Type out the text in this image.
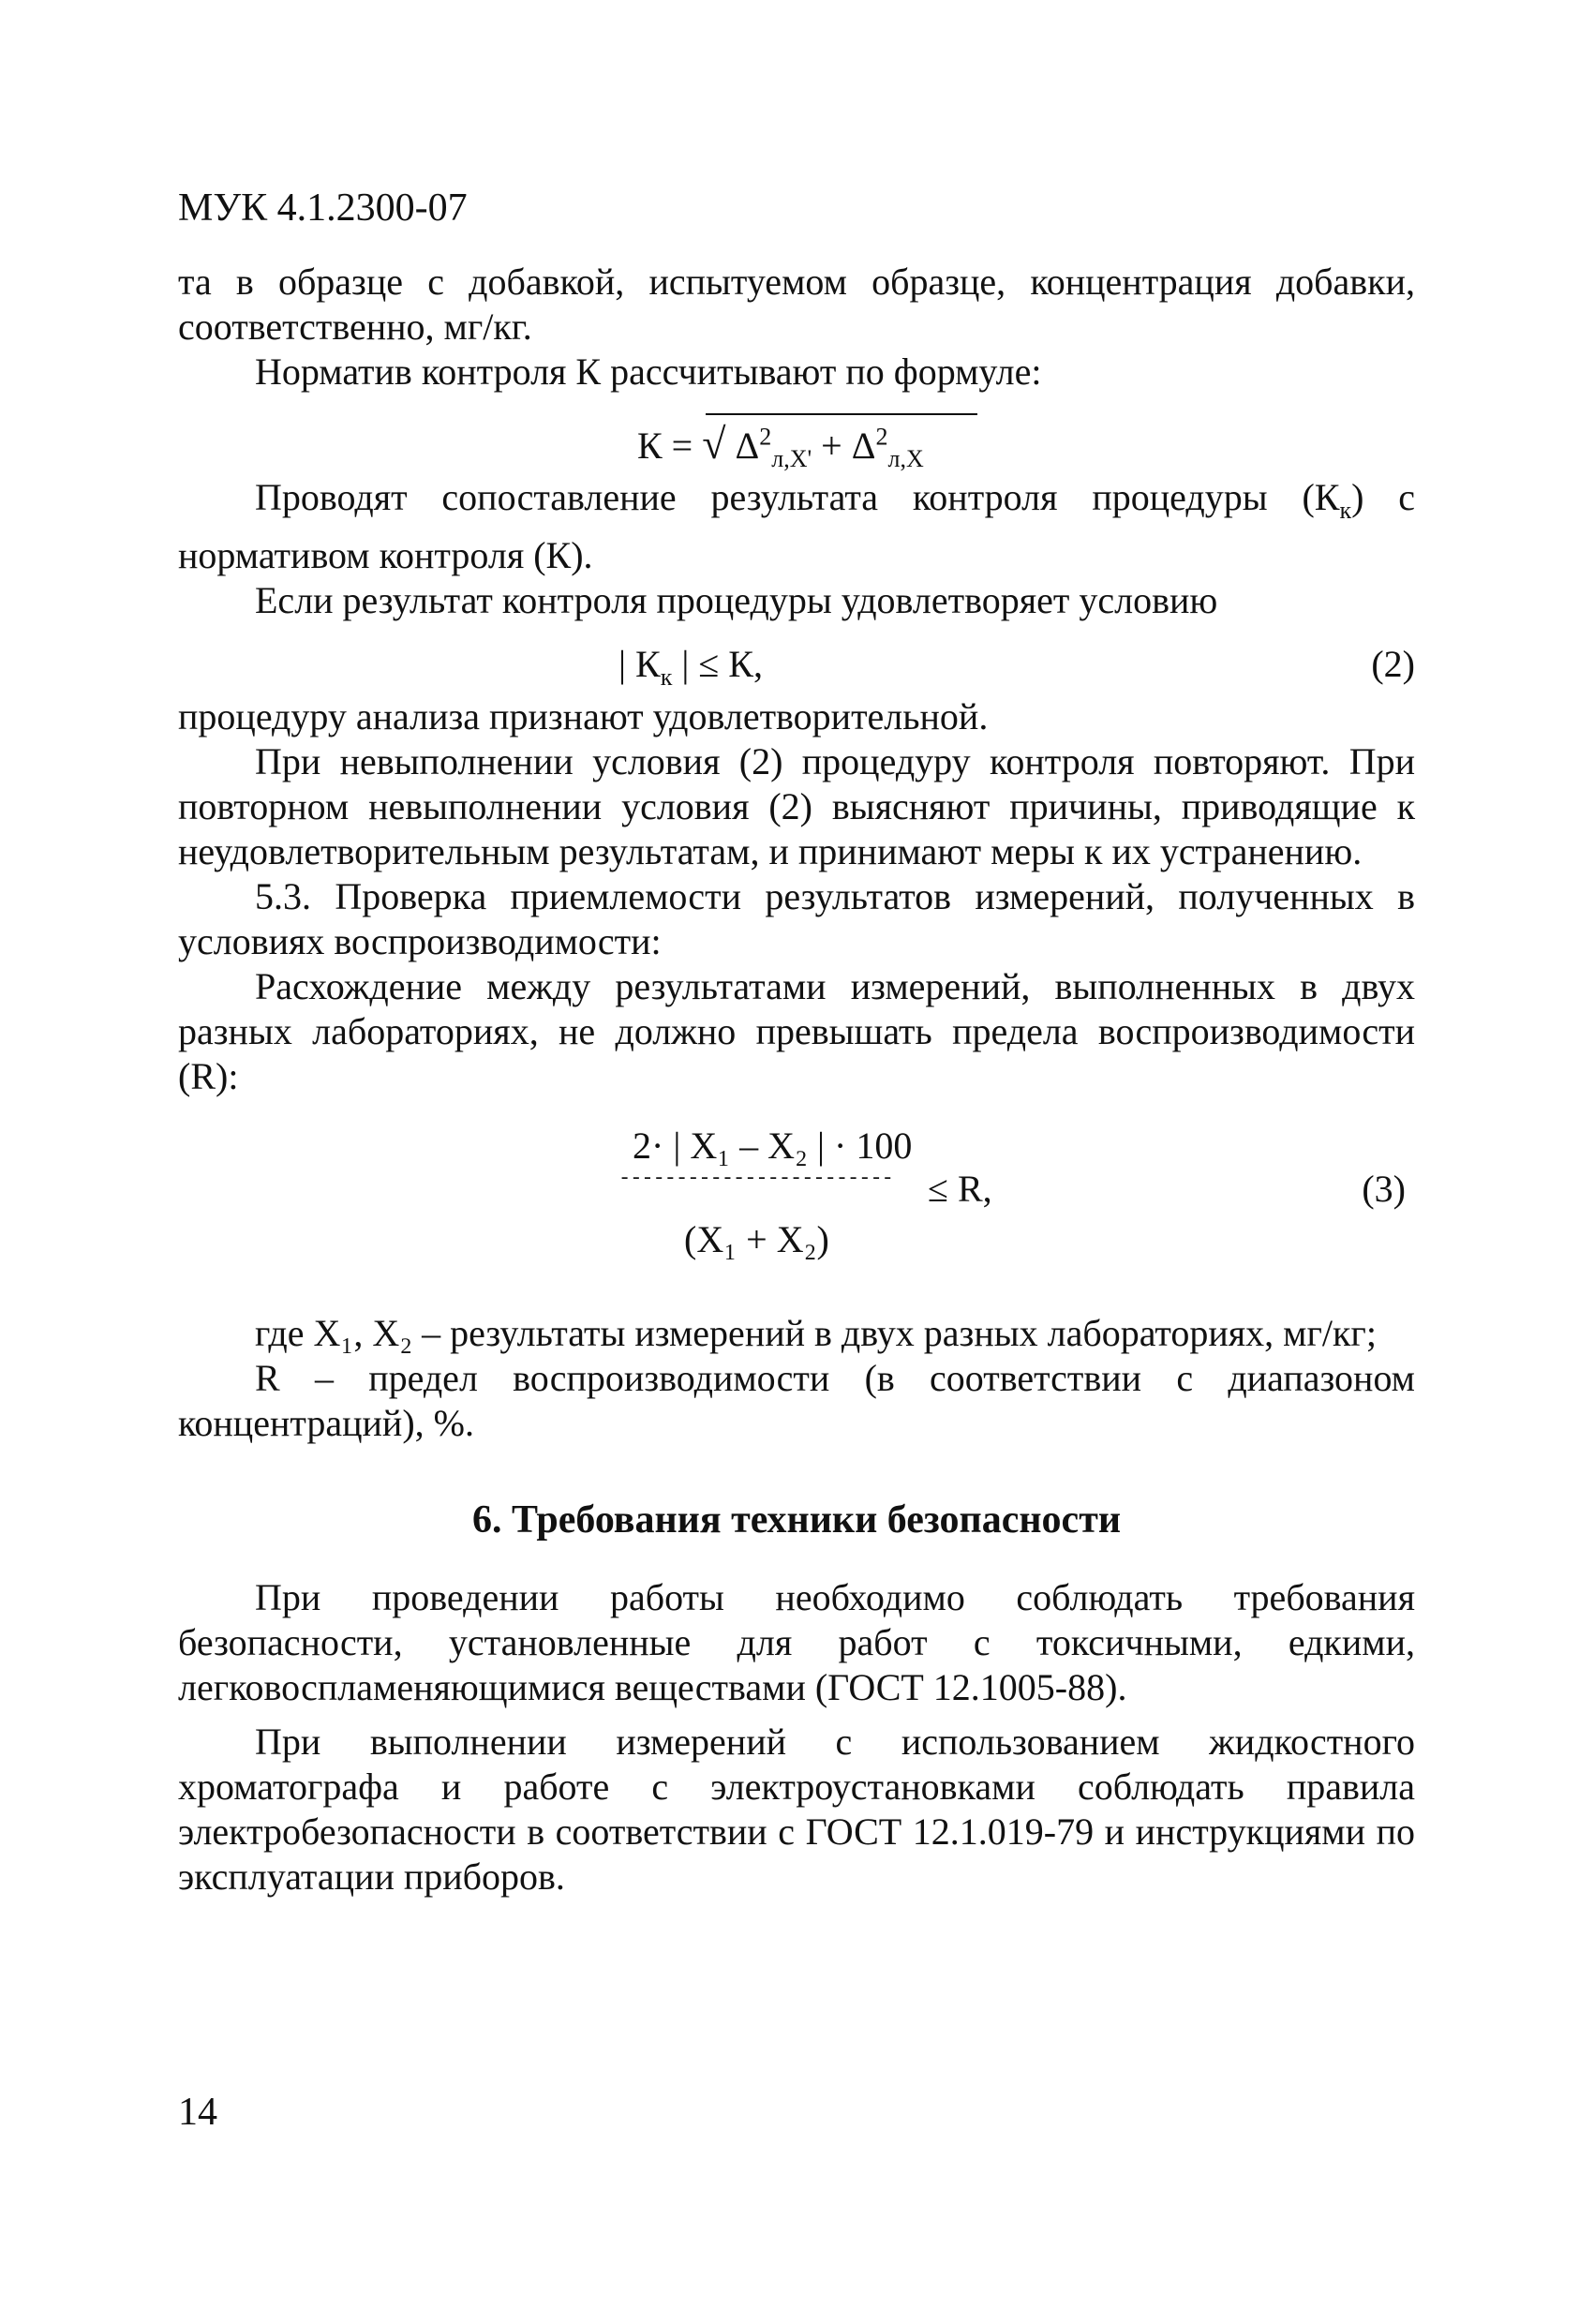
МУК 4.1.2300-07

та в образце с добавкой, испытуемом образце, концентрация добавки, соответственно, мг/кг.

Норматив контроля К рассчитывают по формуле:

К = √ $\Delta^2_{л,Х'} + \Delta^2_{л,Х}$

Проводят сопоставление результата контроля процедуры $(К_к)$ с нормативом контроля (К).

Если результат контроля процедуры удовлетворяет условию

| $К_к$ | ≤ К,	(2)

процедуру анализа признают удовлетворительной.

При невыполнении условия (2) процедуру контроля повторяют. При повторном невыполнении условия (2) выясняют причины, приводящие к неудовлетворительным результатам, и принимают меры к их устранению.

5.3. Проверка приемлемости результатов измерений, полученных в условиях воспроизводимости:

Расхождение между результатами измерений, выполненных в двух разных лабораториях, не должно превышать предела воспроизводимости (R):

2· | Х₁ – Х₂ | · 100
------------------------ ≤ R,
(Х₁ + Х₂)
(3)

где Х₁, Х₂ – результаты измерений в двух разных лабораториях, мг/кг;

R – предел воспроизводимости (в соответствии с диапазоном концентраций), %.

6. Требования техники безопасности

При проведении работы необходимо соблюдать требования безопасности, установленные для работ с токсичными, едкими, легковоспламеняющимися веществами (ГОСТ 12.1005-88).

При выполнении измерений с использованием жидкостного хроматографа и работе с электроустановками соблюдать правила электробезопасности в соответствии с ГОСТ 12.1.019-79 и инструкциями по эксплуатации приборов.

14
